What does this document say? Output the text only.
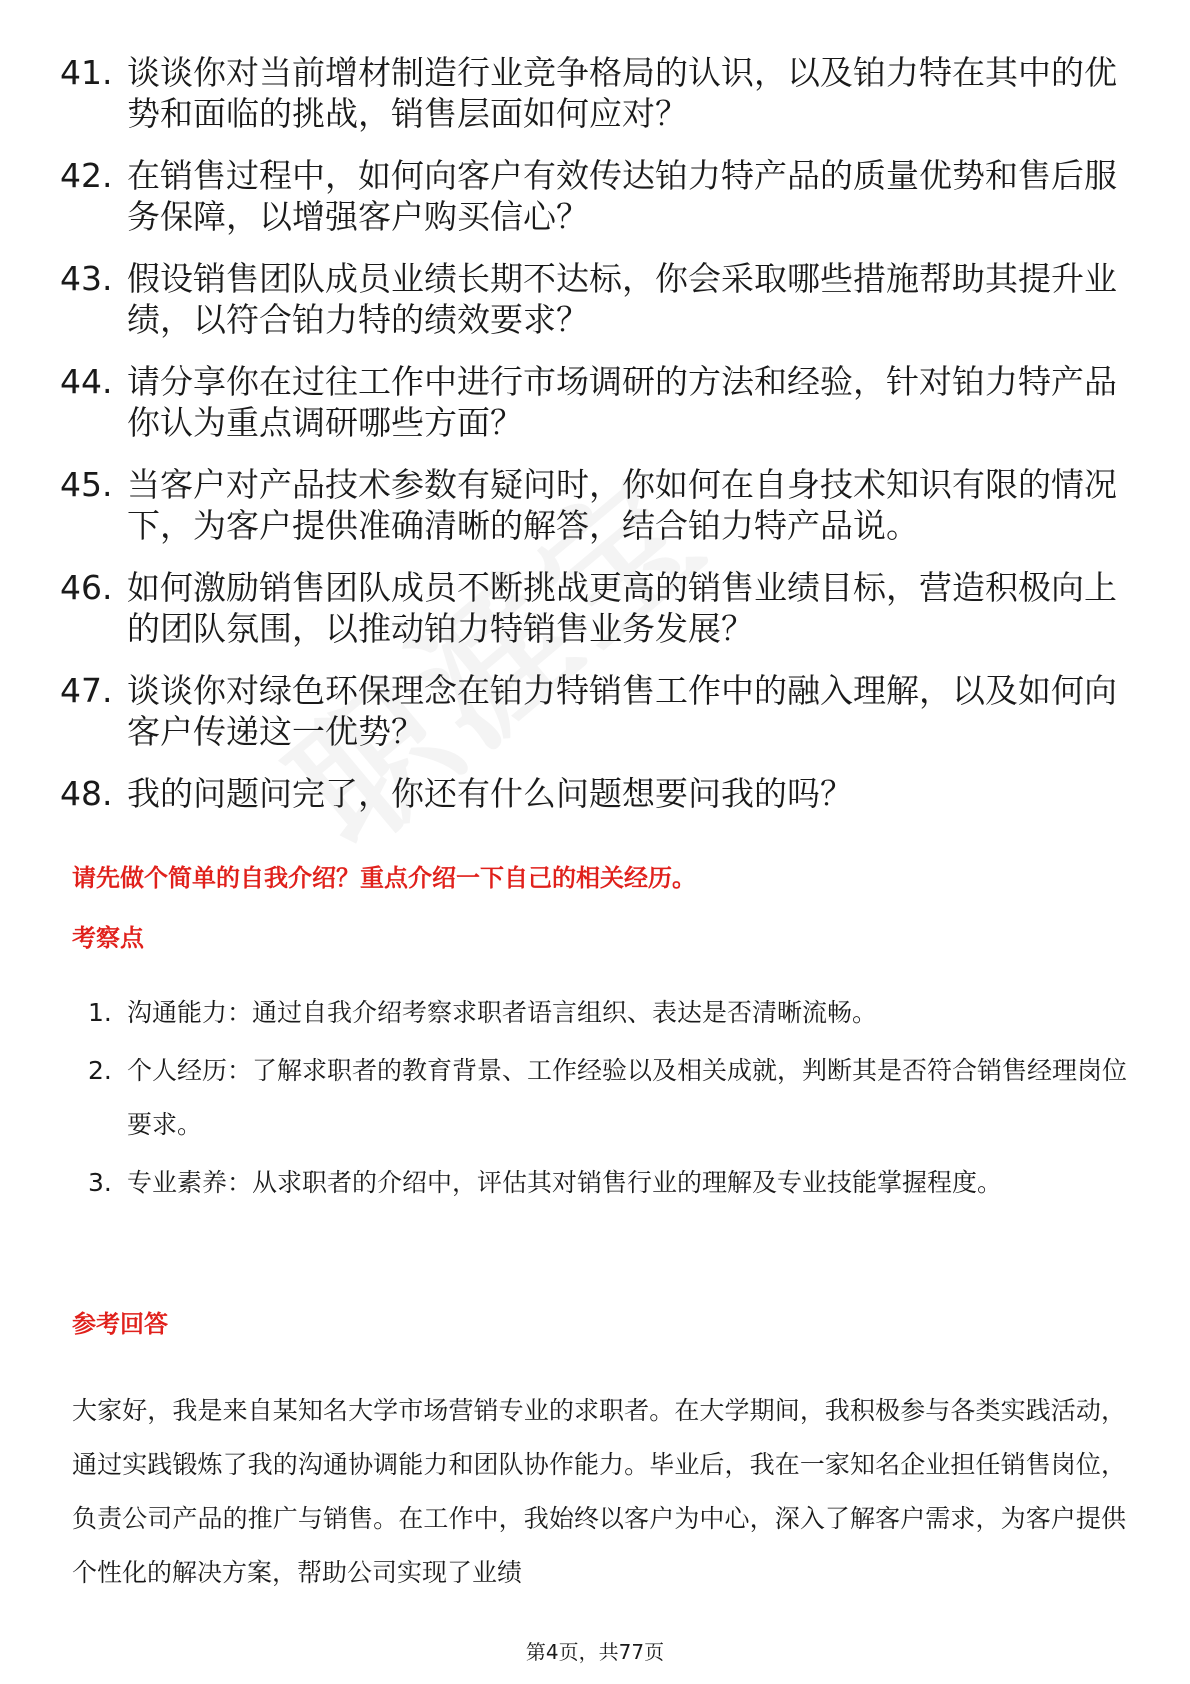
41. 谈谈你对当前增材制造行业竞争格局的认识，以及铂力特在其中的优势和面临的挑战，销售层面如何应对？
42. 在销售过程中，如何向客户有效传达铂力特产品的质量优势和售后服务保障，以增强客户购买信心？
43. 假设销售团队成员业绩长期不达标，你会采取哪些措施帮助其提升业绩，以符合铂力特的绩效要求？
44. 请分享你在过往工作中进行市场调研的方法和经验，针对铂力特产品你认为重点调研哪些方面？
45. 当客户对产品技术参数有疑问时，你如何在自身技术知识有限的情况下，为客户提供准确清晰的解答，结合铂力特产品说。
46. 如何激励销售团队成员不断挑战更高的销售业绩目标，营造积极向上的团队氛围，以推动铂力特销售业务发展？
47. 谈谈你对绿色环保理念在铂力特销售工作中的融入理解，以及如何向客户传递这一优势？
48. 我的问题问完了，你还有什么问题想要问我的吗？
请先做个简单的自我介绍？重点介绍一下自己的相关经历。
考察点
1. 沟通能力：通过自我介绍考察求职者语言组织、表达是否清晰流畅。
2. 个人经历：了解求职者的教育背景、工作经验以及相关成就，判断其是否符合销售经理岗位要求。
3. 专业素养：从求职者的介绍中，评估其对销售行业的理解及专业技能掌握程度。
参考回答

大家好，我是来自某知名大学市场营销专业的求职者。在大学期间，我积极参与各类实践活动，通过实践锻炼了我的沟通协调能力和团队协作能力。毕业后，我在一家知名企业担任销售岗位，负责公司产品的推广与销售。在工作中，我始终以客户为中心，深入了解客户需求，为客户提供个性化的解决方案，帮助公司实现了业绩

第4页，共77页
